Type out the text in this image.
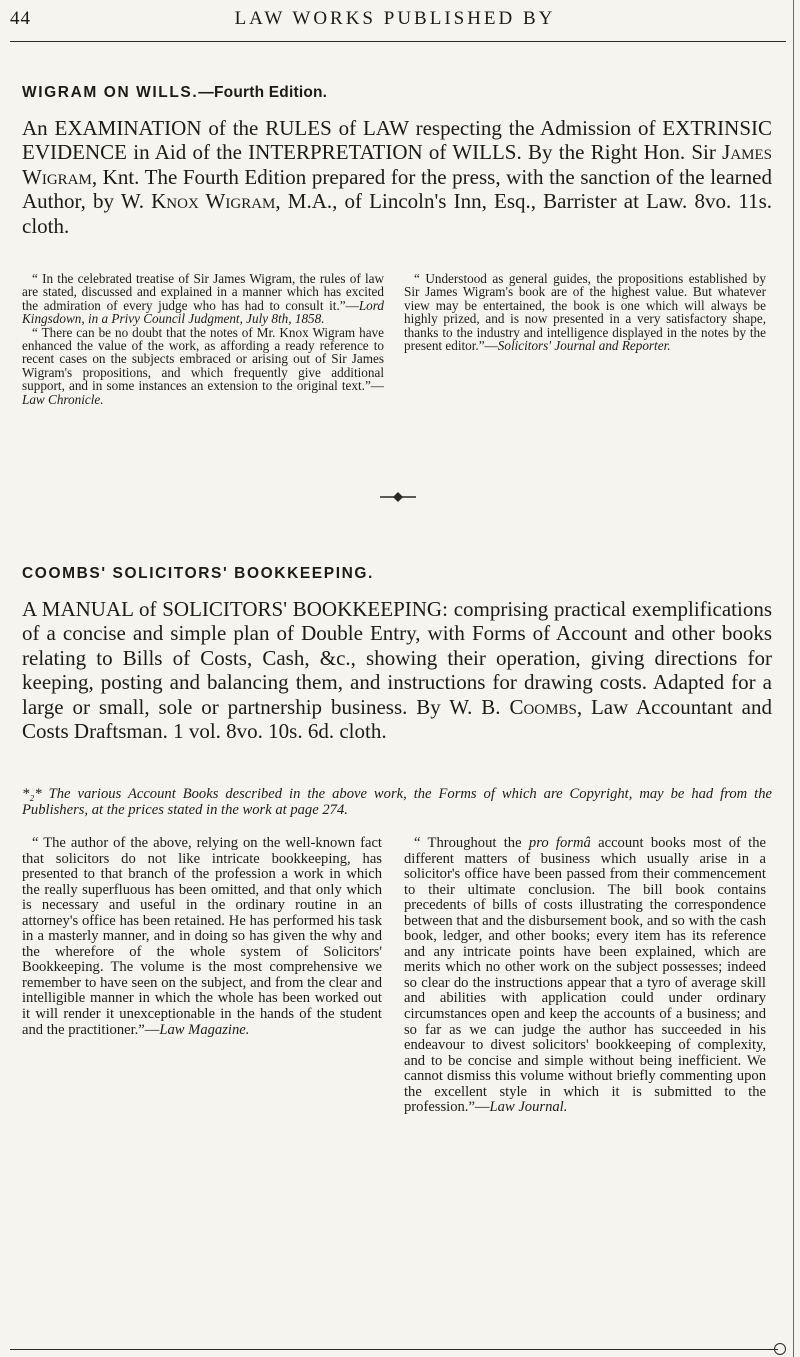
44	LAW WORKS PUBLISHED BY
WIGRAM ON WILLS.—Fourth Edition.
An EXAMINATION of the RULES of LAW respecting the Admission of EXTRINSIC EVIDENCE in Aid of the INTERPRETATION of WILLS. By the Right Hon. Sir James Wigram, Knt. The Fourth Edition prepared for the press, with the sanction of the learned Author, by W. Knox Wigram, M.A., of Lincoln's Inn, Esq., Barrister at Law. 8vo. 11s. cloth.

“ In the celebrated treatise of Sir James Wigram, the rules of law are stated, discussed and explained in a manner which has excited the admiration of every judge who has had to consult it.”—Lord Kingsdown, in a Privy Council Judgment, July 8th, 1858.

“ There can be no doubt that the notes of Mr. Knox Wigram have enhanced the value of the work, as affording a ready reference to recent cases on the subjects embraced or arising out of Sir James Wigram's propositions, and which frequently give additional support, and in some instances an extension to the original text.”—Law Chronicle.

“ Understood as general guides, the propositions established by Sir James Wigram's book are of the highest value. But whatever view may be entertained, the book is one which will always be highly prized, and is now presented in a very satisfactory shape, thanks to the industry and intelligence displayed in the notes by the present editor.”—Solicitors' Journal and Reporter.

COOMBS' SOLICITORS' BOOKKEEPING.
A MANUAL of SOLICITORS' BOOKKEEPING: comprising practical exemplifications of a concise and simple plan of Double Entry, with Forms of Account and other books relating to Bills of Costs, Cash, &c., showing their operation, giving directions for keeping, posting and balancing them, and instructions for drawing costs. Adapted for a large or small, sole or partnership business. By W. B. Coombs, Law Accountant and Costs Draftsman. 1 vol. 8vo. 10s. 6d. cloth.
*₂* The various Account Books described in the above work, the Forms of which are Copyright, may be had from the Publishers, at the prices stated in the work at page 274.

“ The author of the above, relying on the well-known fact that solicitors do not like intricate bookkeeping, has presented to that branch of the profession a work in which the really superfluous has been omitted, and that only which is necessary and useful in the ordinary routine in an attorney's office has been retained. He has performed his task in a masterly manner, and in doing so has given the why and the wherefore of the whole system of Solicitors' Bookkeeping. The volume is the most comprehensive we remember to have seen on the subject, and from the clear and intelligible manner in which the whole has been worked out it will render it unexceptionable in the hands of the student and the practitioner.”—Law Magazine.

“ Throughout the pro formâ account books most of the different matters of business which usually arise in a solicitor's office have been passed from their commencement to their ultimate conclusion. The bill book contains precedents of bills of costs illustrating the correspondence between that and the disbursement book, and so with the cash book, ledger, and other books; every item has its reference and any intricate points have been explained, which are merits which no other work on the subject possesses; indeed so clear do the instructions appear that a tyro of average skill and abilities with application could under ordinary circumstances open and keep the accounts of a business; and so far as we can judge the author has succeeded in his endeavour to divest solicitors' bookkeeping of complexity, and to be concise and simple without being inefficient. We cannot dismiss this volume without briefly commenting upon the excellent style in which it is submitted to the profession.”—Law Journal.
